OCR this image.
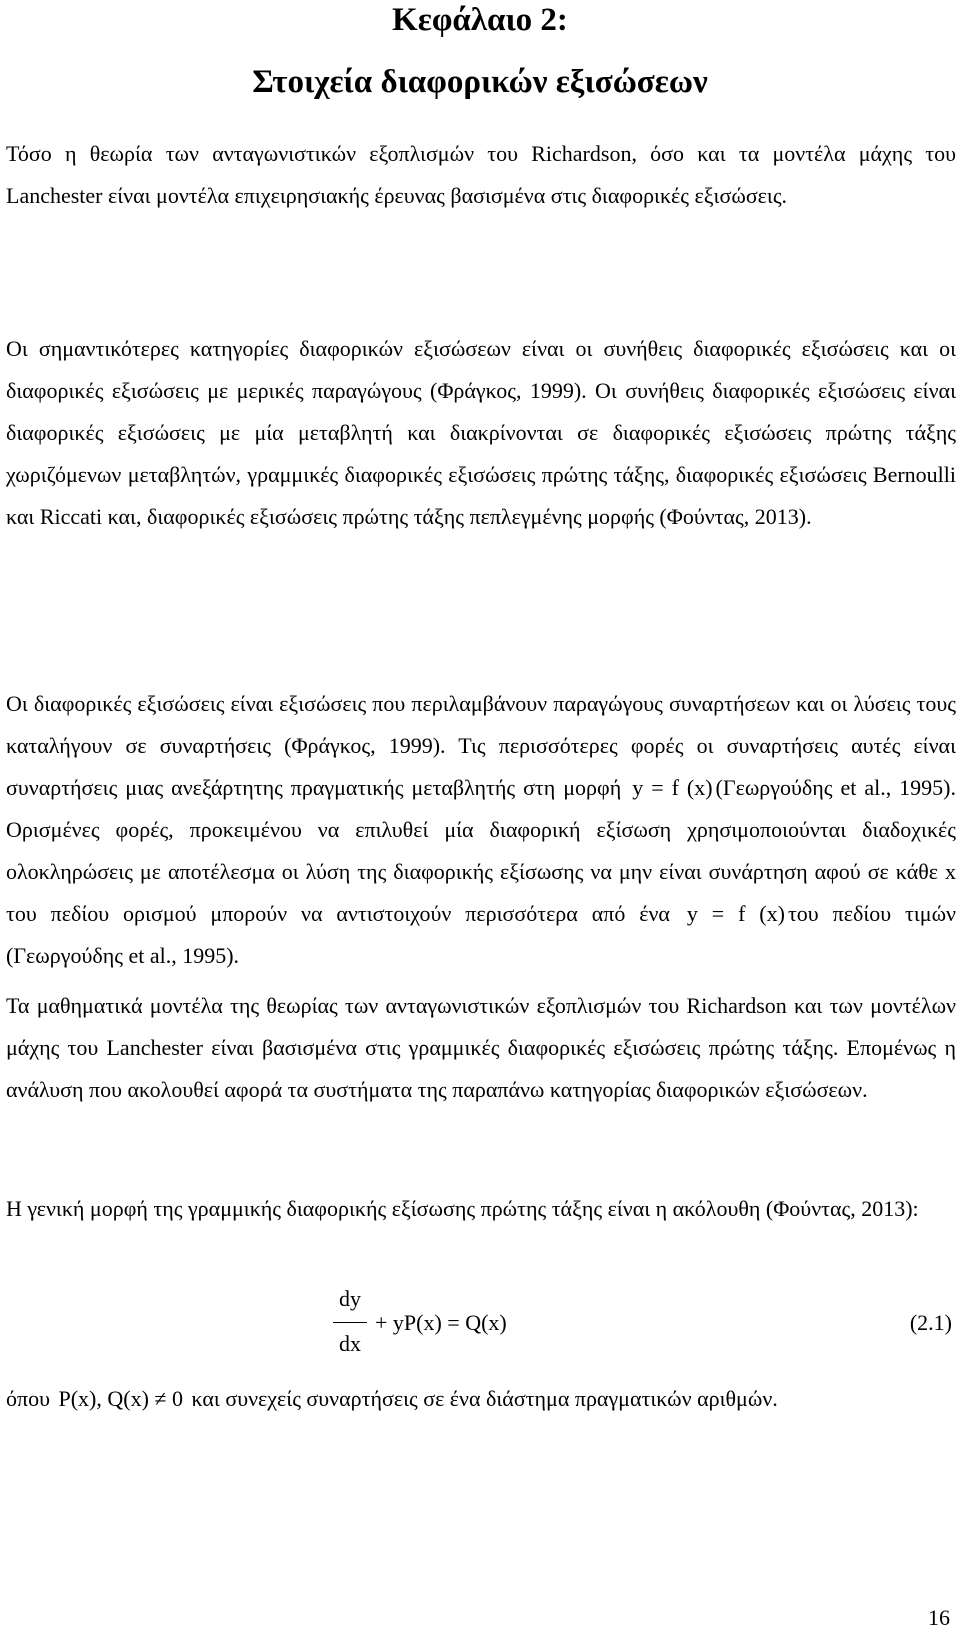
Κεφάλαιο 2:
Στοιχεία διαφορικών εξισώσεων

Τόσο η θεωρία των ανταγωνιστικών εξοπλισμών του Richardson, όσο και τα μοντέλα μάχης του Lanchester είναι μοντέλα επιχειρησιακής έρευνας βασισμένα στις διαφορικές εξισώσεις.

Οι σημαντικότερες κατηγορίες διαφορικών εξισώσεων είναι οι συνήθεις διαφορικές εξισώσεις και οι διαφορικές εξισώσεις με μερικές παραγώγους (Φράγκος, 1999). Οι συνήθεις διαφορικές εξισώσεις είναι διαφορικές εξισώσεις με μία μεταβλητή και διακρίνονται σε διαφορικές εξισώσεις πρώτης τάξης χωριζόμενων μεταβλητών, γραμμικές διαφορικές εξισώσεις πρώτης τάξης, διαφορικές εξισώσεις Bernoulli και Riccati και, διαφορικές εξισώσεις πρώτης τάξης πεπλεγμένης μορφής (Φούντας, 2013).

Οι διαφορικές εξισώσεις είναι εξισώσεις που περιλαμβάνουν παραγώγους συναρτήσεων και οι λύσεις τους καταλήγουν σε συναρτήσεις (Φράγκος, 1999). Τις περισσότερες φορές οι συναρτήσεις αυτές είναι συναρτήσεις μιας ανεξάρτητης πραγματικής μεταβλητής στη μορφή y = f (x) (Γεωργούδης et al., 1995). Ορισμένες φορές, προκειμένου να επιλυθεί μία διαφορική εξίσωση χρησιμοποιούνται διαδοχικές ολοκληρώσεις με αποτέλεσμα οι λύση της διαφορικής εξίσωσης να μην είναι συνάρτηση αφού σε κάθε x του πεδίου ορισμού μπορούν να αντιστοιχούν περισσότερα από ένα y = f (x) του πεδίου τιμών (Γεωργούδης et al., 1995).

Τα μαθηματικά μοντέλα της θεωρίας των ανταγωνιστικών εξοπλισμών του Richardson και των μοντέλων μάχης του Lanchester είναι βασισμένα στις γραμμικές διαφορικές εξισώσεις πρώτης τάξης. Επομένως η ανάλυση που ακολουθεί αφορά τα συστήματα της παραπάνω κατηγορίας διαφορικών εξισώσεων.

Η γενική μορφή της γραμμικής διαφορικής εξίσωσης πρώτης τάξης είναι η ακόλουθη (Φούντας, 2013):

dy
dx
+ yP(x) = Q(x)	(2.1)

όπου P(x), Q(x) ≠ 0 και συνεχείς συναρτήσεις σε ένα διάστημα πραγματικών αριθμών.

16
